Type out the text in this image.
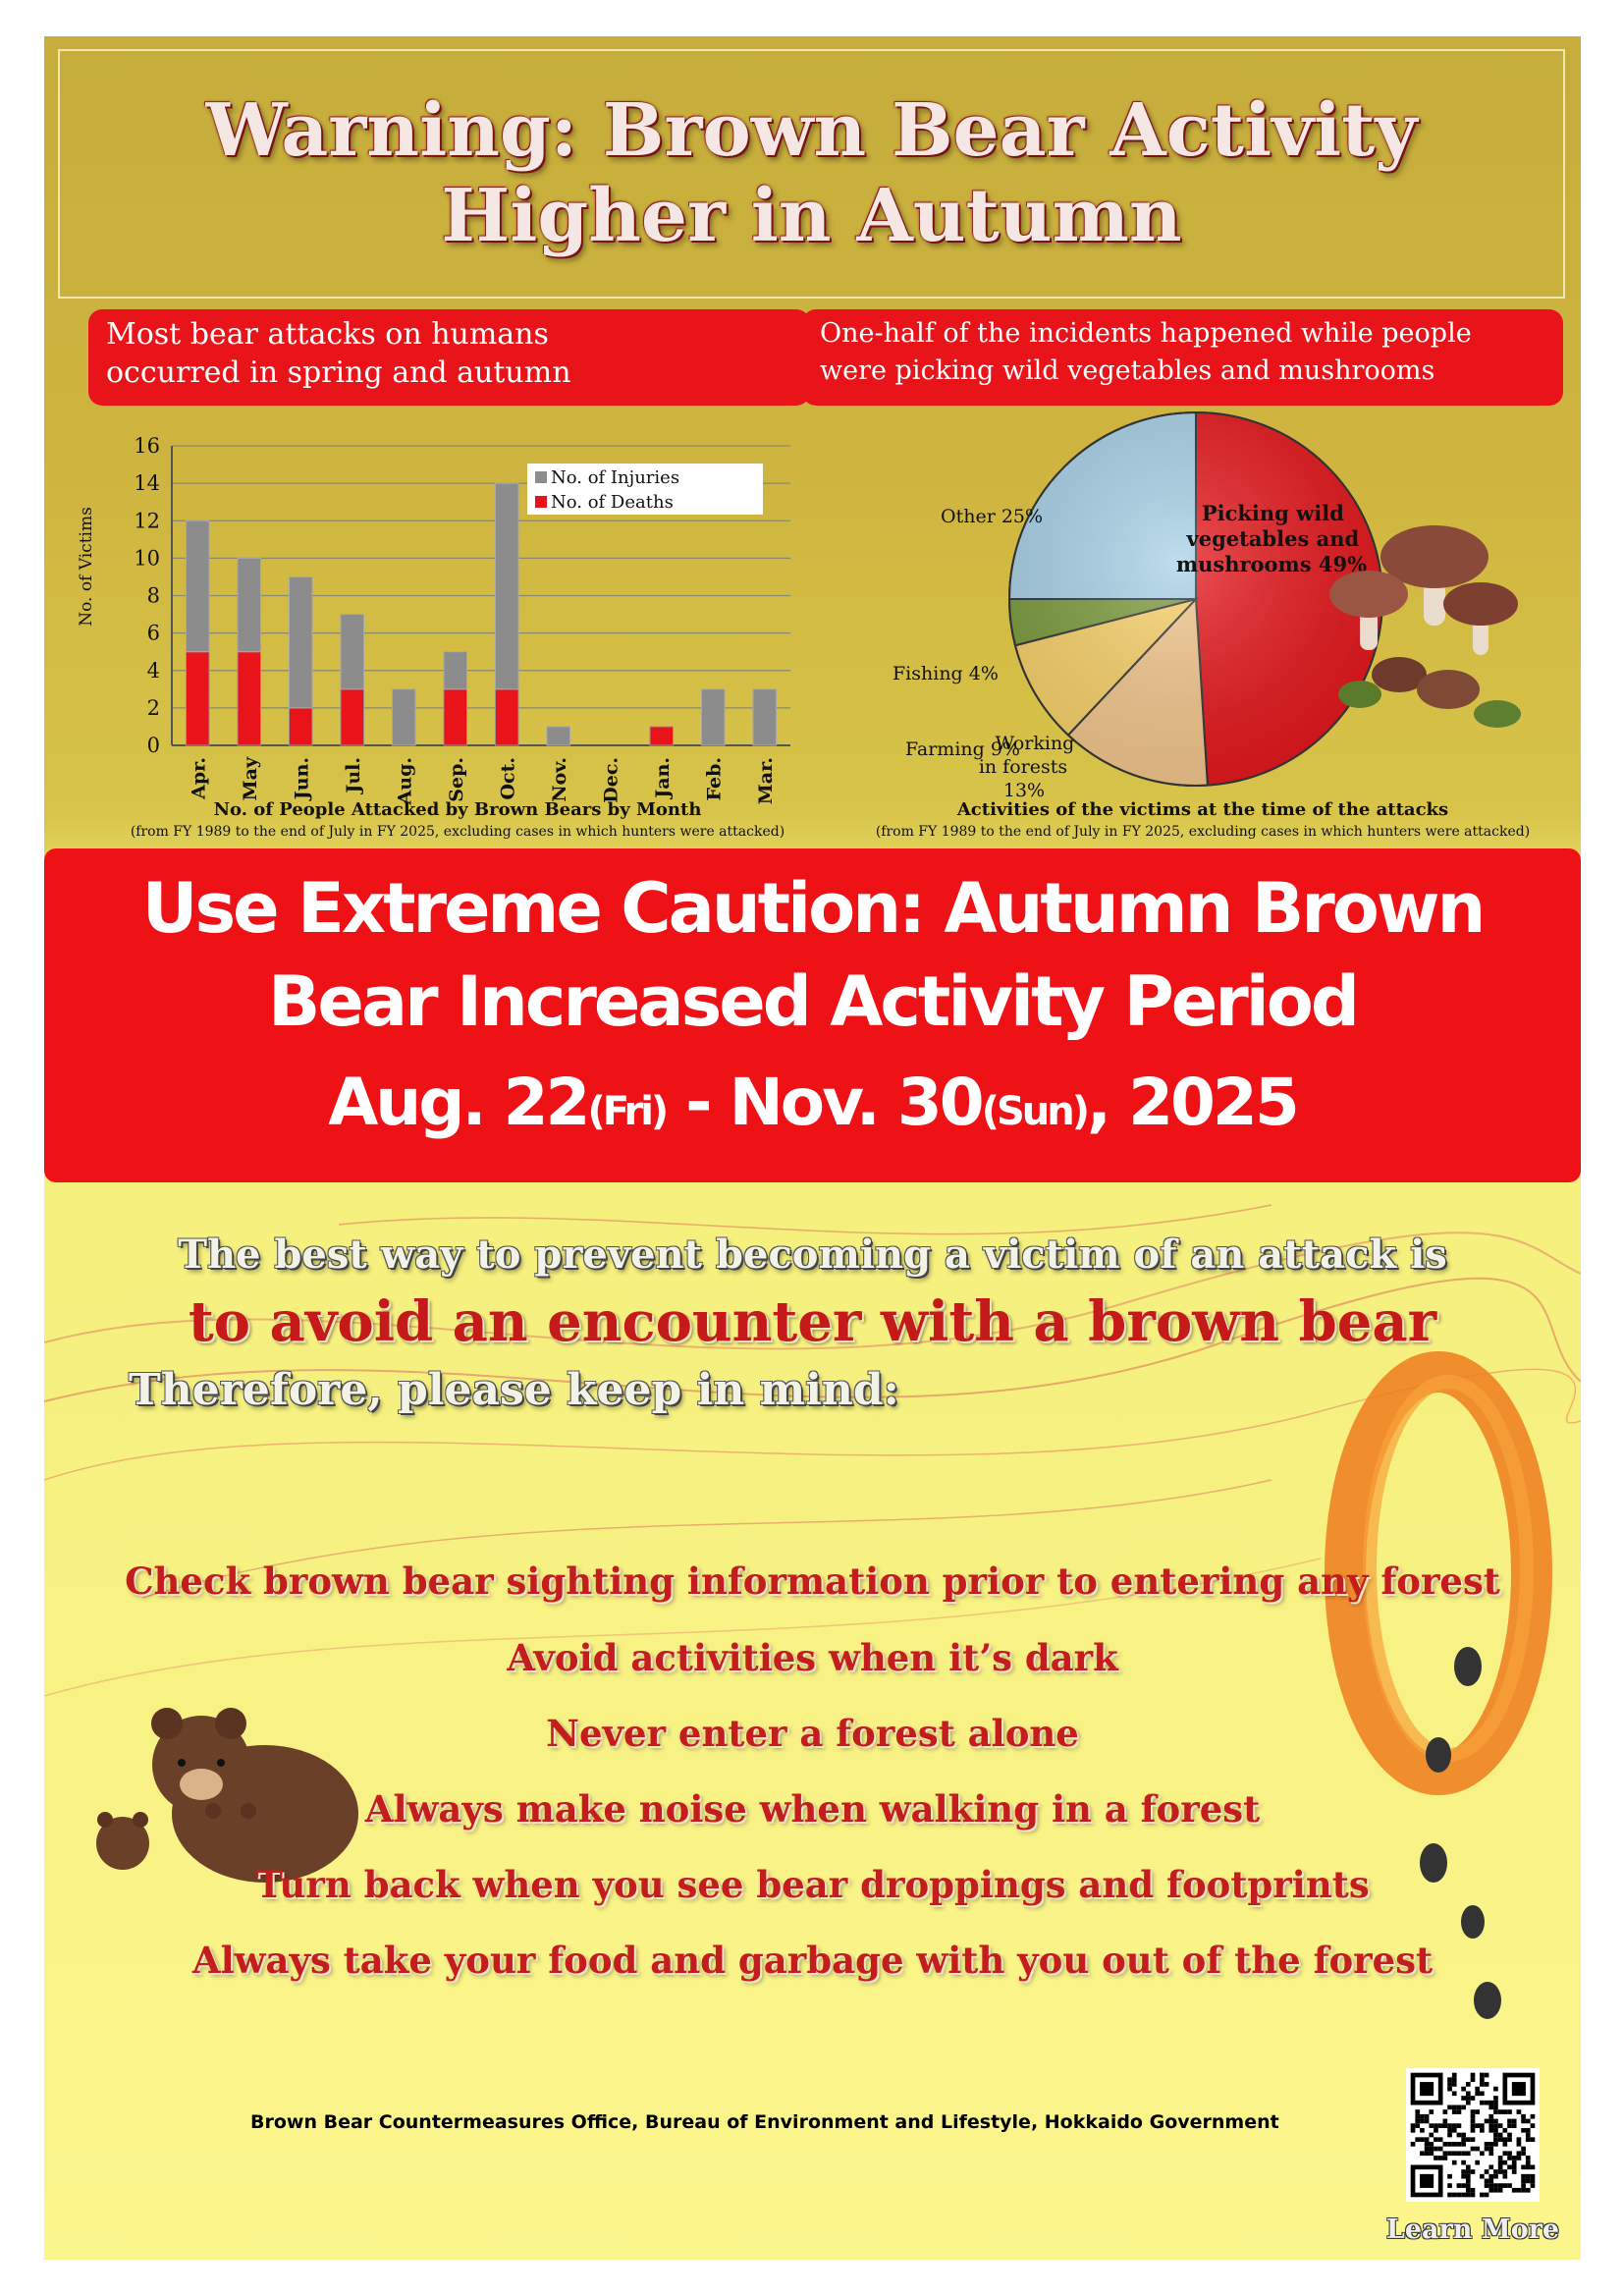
Warning: Brown Bear Activity
Higher in Autumn
Most bear attacks on humans
occurred in spring and autumn
One-half of the incidents happened while people
were picking wild vegetables and mushrooms
0
2
4
6
8
10
12
14
16
Apr. May Jun. Jul. Aug. Sep. Oct. Nov. Dec. Jan. Feb. Mar.
No. of Victims
No. of Injuries
No. of Deaths
No. of People Attacked by Brown Bears by Month
(from FY 1989 to the end of July in FY 2025, excluding cases in which hunters were attacked)
Picking wild vegetables and mushrooms 49%
Other 25%
Fishing 4%
Farming 9%
Working in forests 13%
Activities of the victims at the time of the attacks
(from FY 1989 to the end of July in FY 2025, excluding cases in which hunters were attacked)
Use Extreme Caution: Autumn Brown
Bear Increased Activity Period
Aug. 22(Fri) - Nov. 30(Sun), 2025
The best way to prevent becoming a victim of an attack is
to avoid an encounter with a brown bear
Therefore, please keep in mind:
Check brown bear sighting information prior to entering any forest
Avoid activities when it’s dark
Never enter a forest alone
Always make noise when walking in a forest
Turn back when you see bear droppings and footprints
Always take your food and garbage with you out of the forest
Brown Bear Countermeasures Office, Bureau of Environment and Lifestyle, Hokkaido Government
Learn More
